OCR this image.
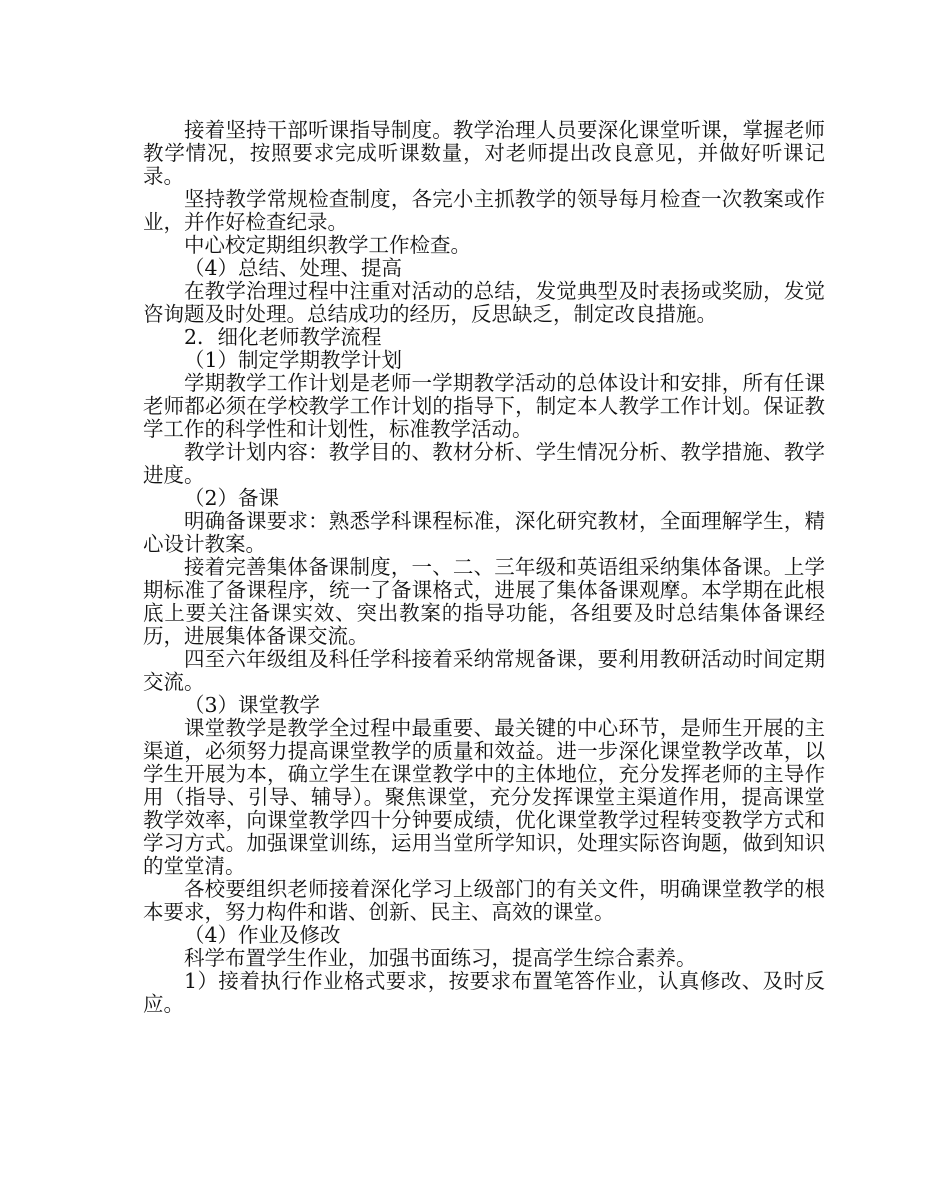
接着坚持干部听课指导制度。教学治理人员要深化课堂听课，掌握老师教学情况，按照要求完成听课数量，对老师提出改良意见，并做好听课记录。

坚持教学常规检查制度，各完小主抓教学的领导每月检查一次教案或作业，并作好检查纪录。

中心校定期组织教学工作检查。

（4）总结、处理、提高

在教学治理过程中注重对活动的总结，发觉典型及时表扬或奖励，发觉咨询题及时处理。总结成功的经历，反思缺乏，制定改良措施。

2．细化老师教学流程

（1）制定学期教学计划

学期教学工作计划是老师一学期教学活动的总体设计和安排，所有任课老师都必须在学校教学工作计划的指导下，制定本人教学工作计划。保证教学工作的科学性和计划性，标准教学活动。

教学计划内容：教学目的、教材分析、学生情况分析、教学措施、教学进度。

（2）备课

明确备课要求：熟悉学科课程标准，深化研究教材，全面理解学生，精心设计教案。

接着完善集体备课制度，一、二、三年级和英语组采纳集体备课。上学期标准了备课程序，统一了备课格式，进展了集体备课观摩。本学期在此根底上要关注备课实效、突出教案的指导功能，各组要及时总结集体备课经历，进展集体备课交流。

四至六年级组及科任学科接着采纳常规备课，要利用教研活动时间定期交流。

（3）课堂教学

课堂教学是教学全过程中最重要、最关键的中心环节，是师生开展的主渠道，必须努力提高课堂教学的质量和效益。进一步深化课堂教学改革，以学生开展为本，确立学生在课堂教学中的主体地位，充分发挥老师的主导作用（指导、引导、辅导）。聚焦课堂，充分发挥课堂主渠道作用，提高课堂教学效率，向课堂教学四十分钟要成绩，优化课堂教学过程转变教学方式和学习方式。加强课堂训练，运用当堂所学知识，处理实际咨询题，做到知识的堂堂清。

各校要组织老师接着深化学习上级部门的有关文件，明确课堂教学的根本要求，努力构件和谐、创新、民主、高效的课堂。

（4）作业及修改

科学布置学生作业，加强书面练习，提高学生综合素养。

1）接着执行作业格式要求，按要求布置笔答作业，认真修改、及时反应。
